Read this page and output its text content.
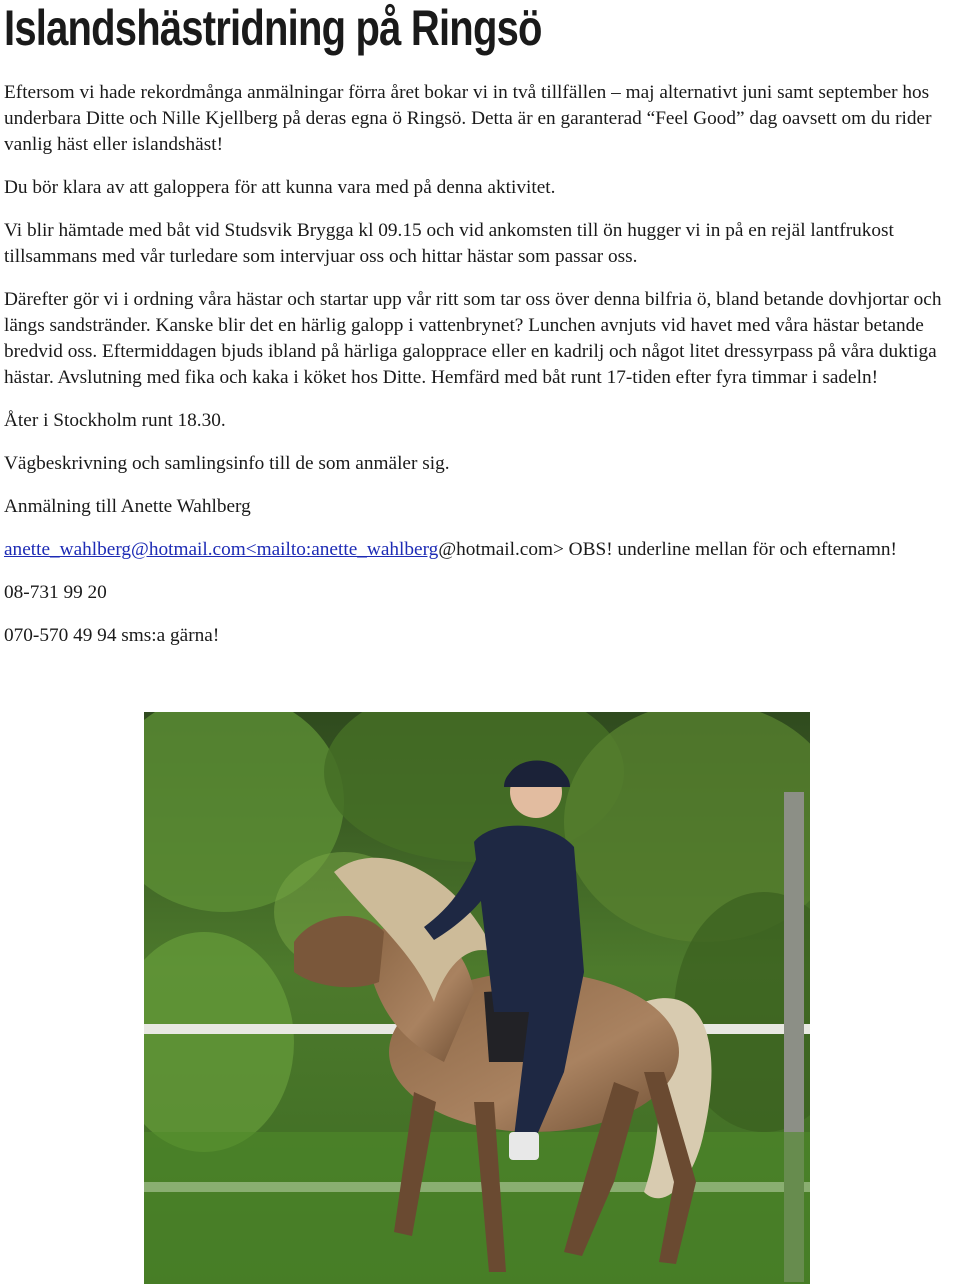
Islandshästridning på Ringsö

Eftersom vi hade rekordmånga anmälningar förra året bokar vi in två tillfällen – maj alternativt juni samt september hos underbara Ditte och Nille Kjellberg på deras egna ö Ringsö. Detta är en garanterad “Feel Good” dag oavsett om du rider vanlig häst eller islandshäst!

Du bör klara av att galoppera för att kunna vara med på denna aktivitet.

Vi blir hämtade med båt vid Studsvik Brygga kl 09.15 och vid ankomsten till ön hugger vi in på en rejäl lantfrukost tillsammans med vår turledare som intervjuar oss och hittar hästar som passar oss.

Därefter gör vi i ordning våra hästar och startar upp vår ritt som tar oss över denna bilfria ö, bland betande dovhjortar och längs sandstränder. Kanske blir det en härlig galopp i vattenbrynet? Lunchen avnjuts vid havet med våra hästar betande bredvid oss. Eftermiddagen bjuds ibland på härliga galopprace eller en kadrilj och något litet dressyrpass på våra duktiga hästar. Avslutning med fika och kaka i köket hos Ditte. Hemfärd med båt runt 17-tiden efter fyra timmar i sadeln!

Åter i Stockholm runt 18.30.

Vägbeskrivning och samlingsinfo till de som anmäler sig.

Anmälning till Anette Wahlberg

anette_wahlberg@hotmail.com<mailto:anette_wahlberg@hotmail.com> OBS! underline mellan för och efternamn!

08-731 99 20

070-570 49 94 sms:a gärna!
